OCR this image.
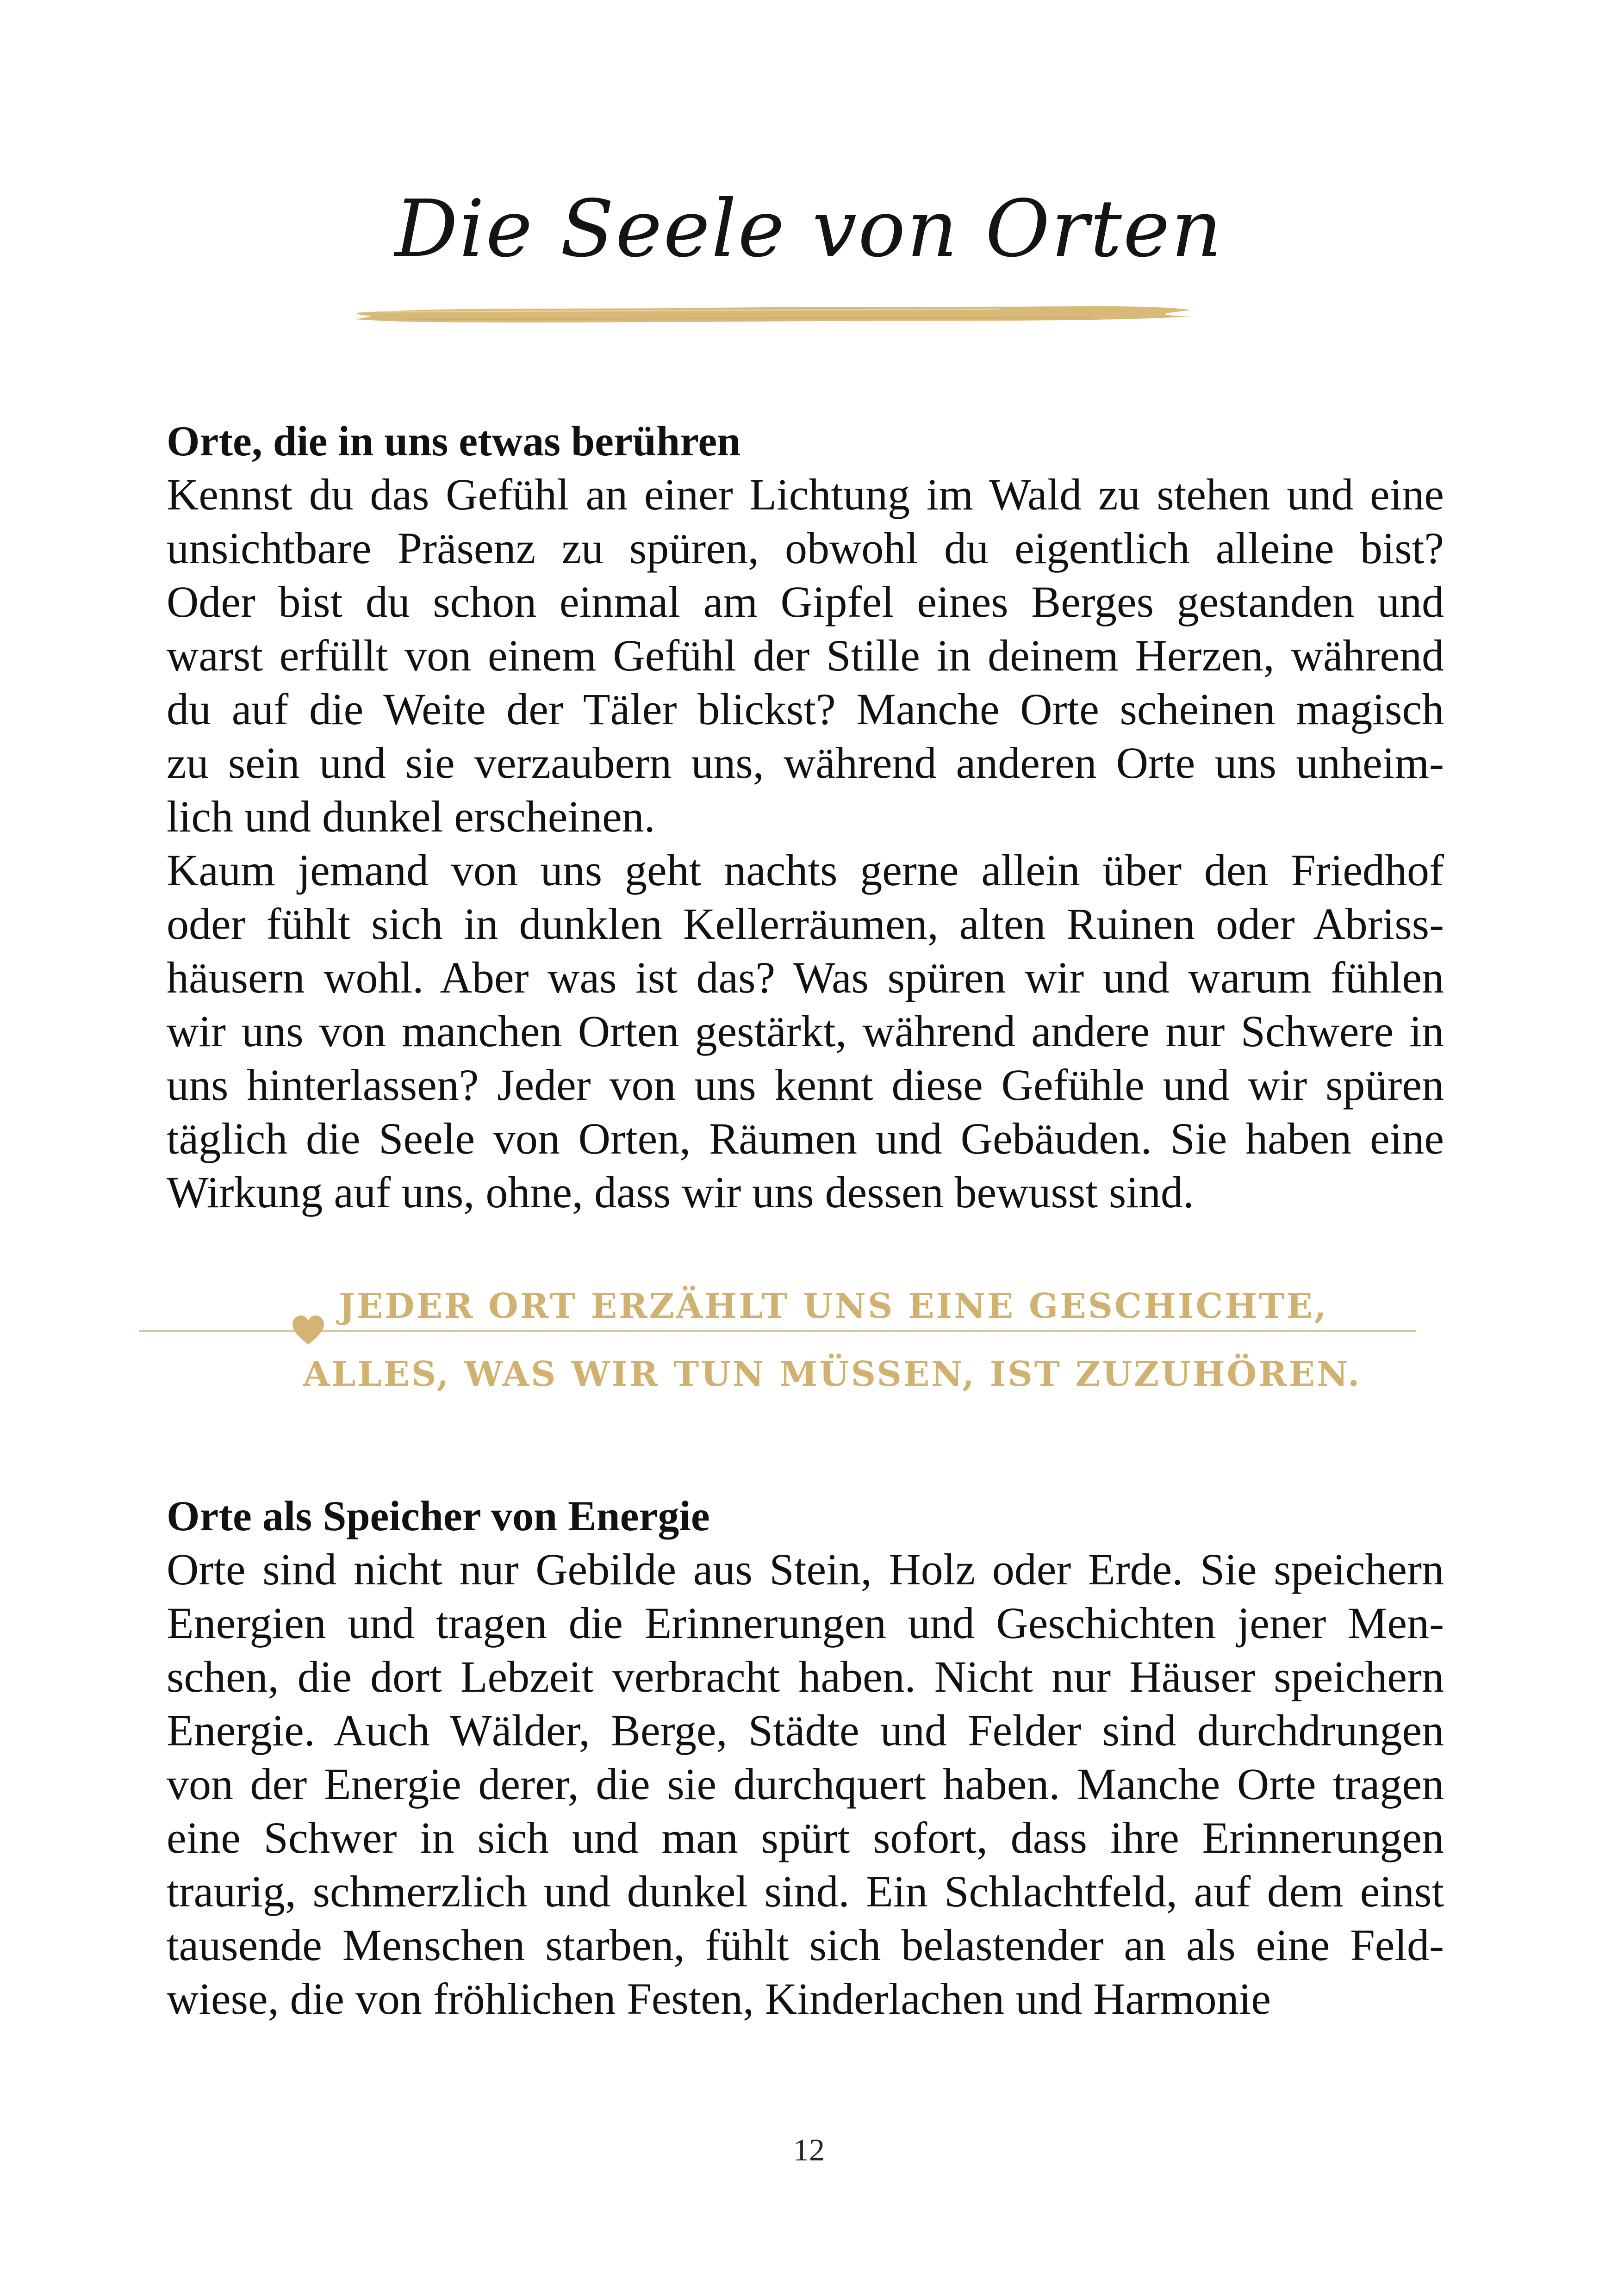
Die Seele von Orten
Orte, die in uns etwas berühren
Kennst du das Gefühl an einer Lichtung im Wald zu stehen und eine
unsichtbare Präsenz zu spüren, obwohl du eigentlich alleine bist?
Oder bist du schon einmal am Gipfel eines Berges gestanden und
warst erfüllt von einem Gefühl der Stille in deinem Herzen, während
du auf die Weite der Täler blickst? Manche Orte scheinen magisch
zu sein und sie verzaubern uns, während anderen Orte uns unheim-
lich und dunkel erscheinen.
Kaum jemand von uns geht nachts gerne allein über den Friedhof
oder fühlt sich in dunklen Kellerräumen, alten Ruinen oder Abriss-
häusern wohl. Aber was ist das? Was spüren wir und warum fühlen
wir uns von manchen Orten gestärkt, während andere nur Schwere in
uns hinterlassen? Jeder von uns kennt diese Gefühle und wir spüren
täglich die Seele von Orten, Räumen und Gebäuden. Sie haben eine
Wirkung auf uns, ohne, dass wir uns dessen bewusst sind.
JEDER ORT ERZÄHLT UNS EINE GESCHICHTE,
ALLES, WAS WIR TUN MÜSSEN, IST ZUZUHÖREN.
Orte als Speicher von Energie
Orte sind nicht nur Gebilde aus Stein, Holz oder Erde. Sie speichern
Energien und tragen die Erinnerungen und Geschichten jener Men-
schen, die dort Lebzeit verbracht haben. Nicht nur Häuser speichern
Energie. Auch Wälder, Berge, Städte und Felder sind durchdrungen
von der Energie derer, die sie durchquert haben. Manche Orte tragen
eine Schwer in sich und man spürt sofort, dass ihre Erinnerungen
traurig, schmerzlich und dunkel sind. Ein Schlachtfeld, auf dem einst
tausende Menschen starben, fühlt sich belastender an als eine Feld-
wiese, die von fröhlichen Festen, Kinderlachen und Harmonie
12
